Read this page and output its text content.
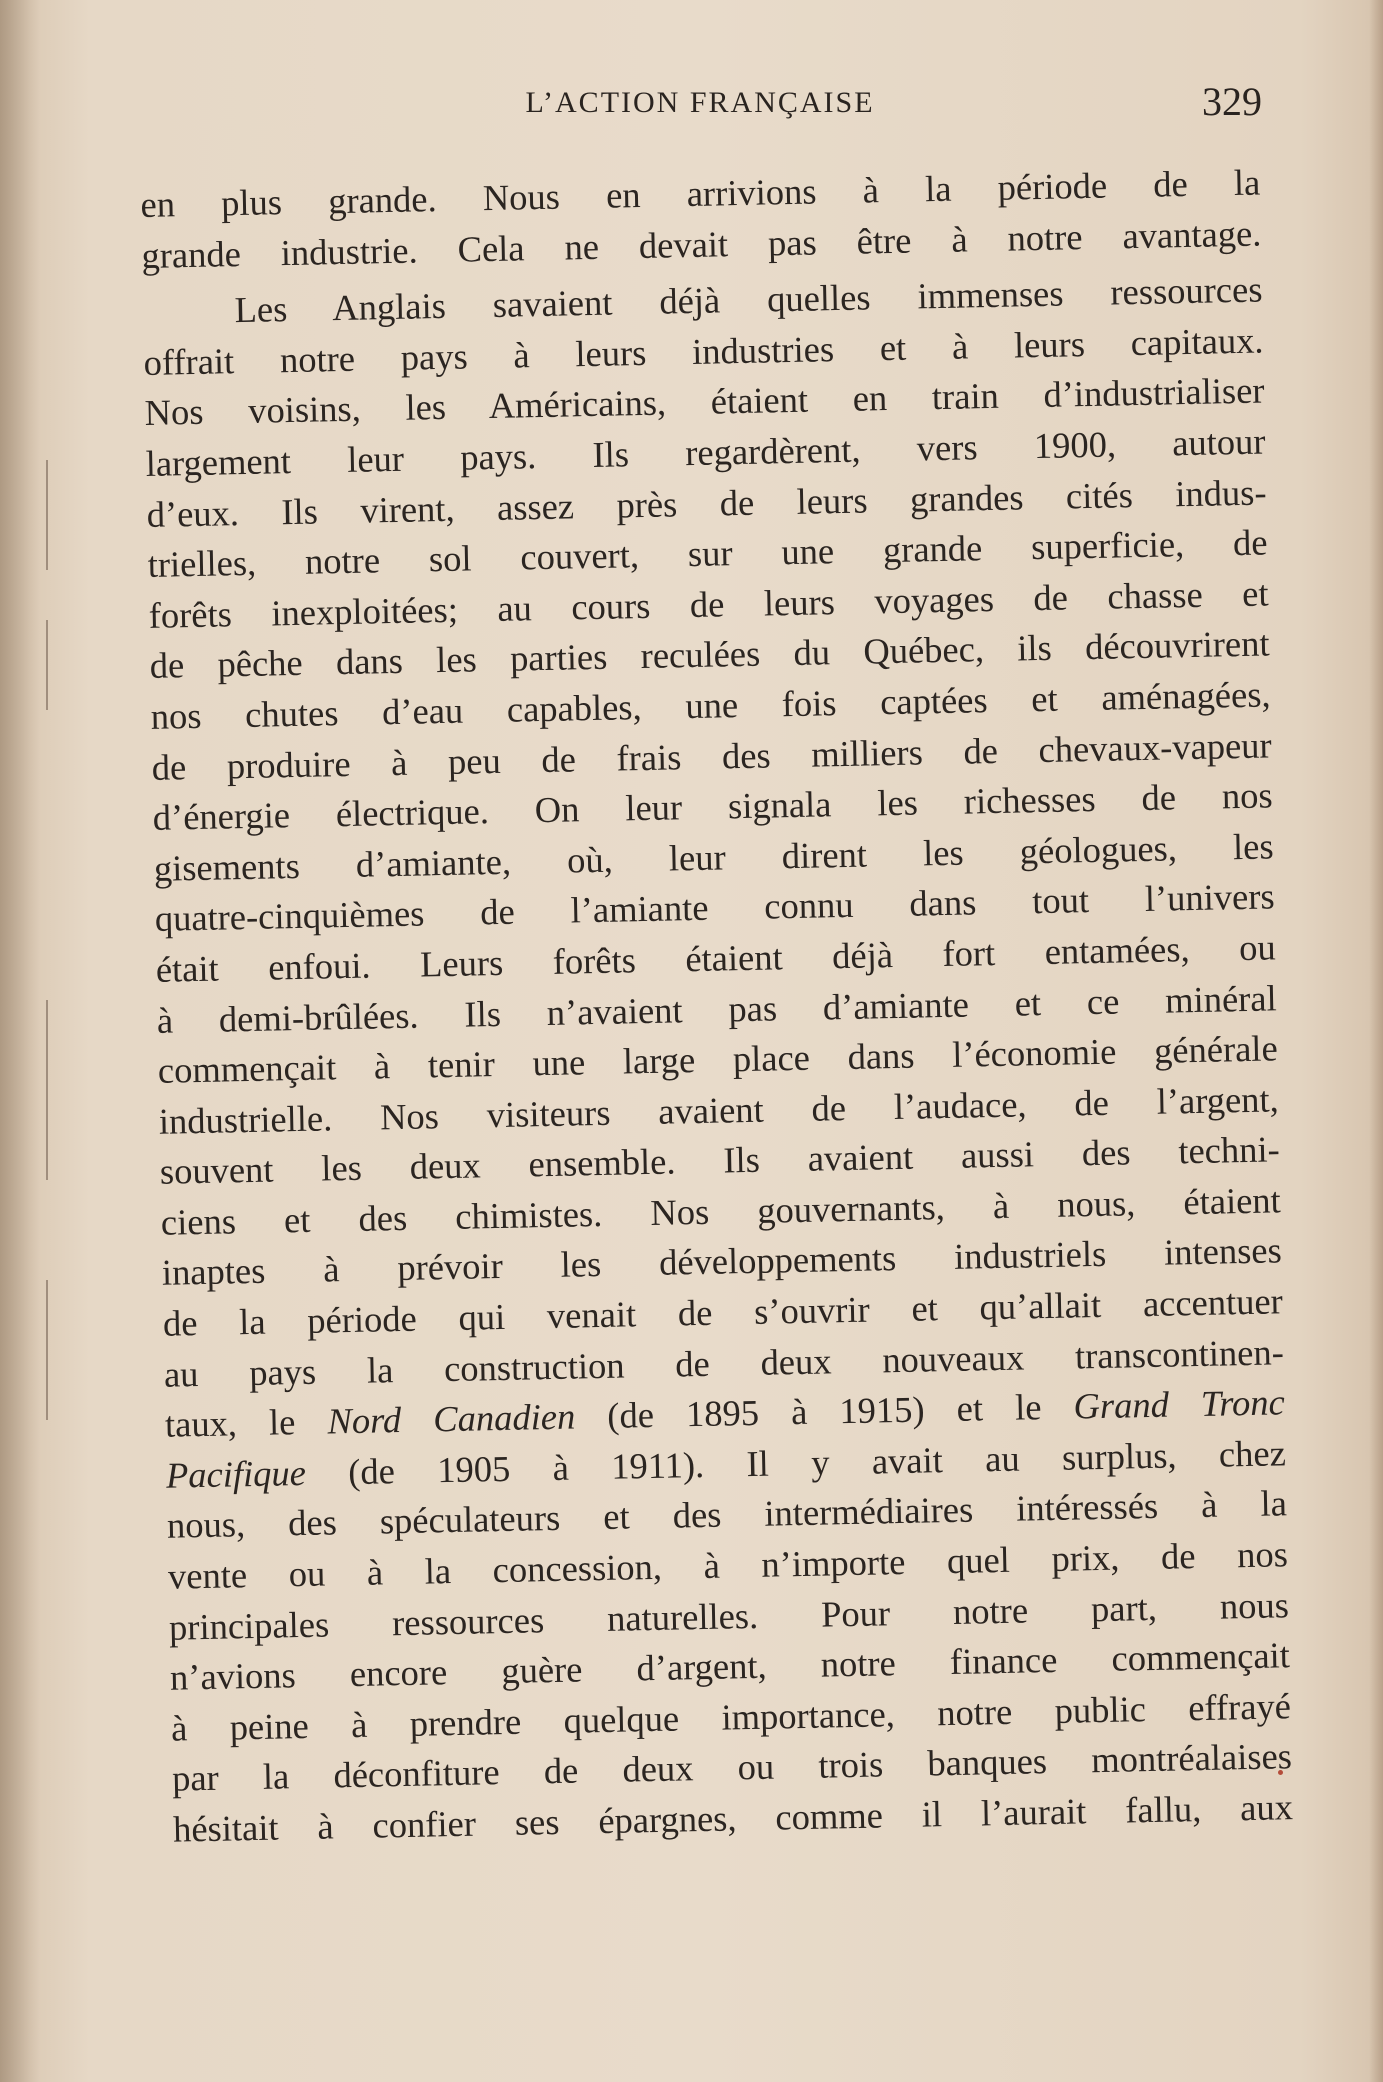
L’ACTION FRANÇAISE	329
en plus grande. Nous en arrivions à la période de la
grande industrie. Cela ne devait pas être à notre avantage.
Les Anglais savaient déjà quelles immenses ressources
offrait notre pays à leurs industries et à leurs capitaux.
Nos voisins, les Américains, étaient en train d’industrialiser
largement leur pays. Ils regardèrent, vers 1900, autour
d’eux. Ils virent, assez près de leurs grandes cités indus-
trielles, notre sol couvert, sur une grande superficie, de
forêts inexploitées; au cours de leurs voyages de chasse et
de pêche dans les parties reculées du Québec, ils découvrirent
nos chutes d’eau capables, une fois captées et aménagées,
de produire à peu de frais des milliers de chevaux-vapeur
d’énergie électrique. On leur signala les richesses de nos
gisements d’amiante, où, leur dirent les géologues, les
quatre-cinquièmes de l’amiante connu dans tout l’univers
était enfoui. Leurs forêts étaient déjà fort entamées, ou
à demi-brûlées. Ils n’avaient pas d’amiante et ce minéral
commençait à tenir une large place dans l’économie générale
industrielle. Nos visiteurs avaient de l’audace, de l’argent,
souvent les deux ensemble. Ils avaient aussi des techni-
ciens et des chimistes. Nos gouvernants, à nous, étaient
inaptes à prévoir les développements industriels intenses
de la période qui venait de s’ouvrir et qu’allait accentuer
au pays la construction de deux nouveaux transcontinen-
taux, le Nord Canadien (de 1895 à 1915) et le Grand Tronc
Pacifique (de 1905 à 1911). Il y avait au surplus, chez
nous, des spéculateurs et des intermédiaires intéressés à la
vente ou à la concession, à n’importe quel prix, de nos
principales ressources naturelles. Pour notre part, nous
n’avions encore guère d’argent, notre finance commençait
à peine à prendre quelque importance, notre public effrayé
par la déconfiture de deux ou trois banques montréalaises
hésitait à confier ses épargnes, comme il l’aurait fallu, aux
